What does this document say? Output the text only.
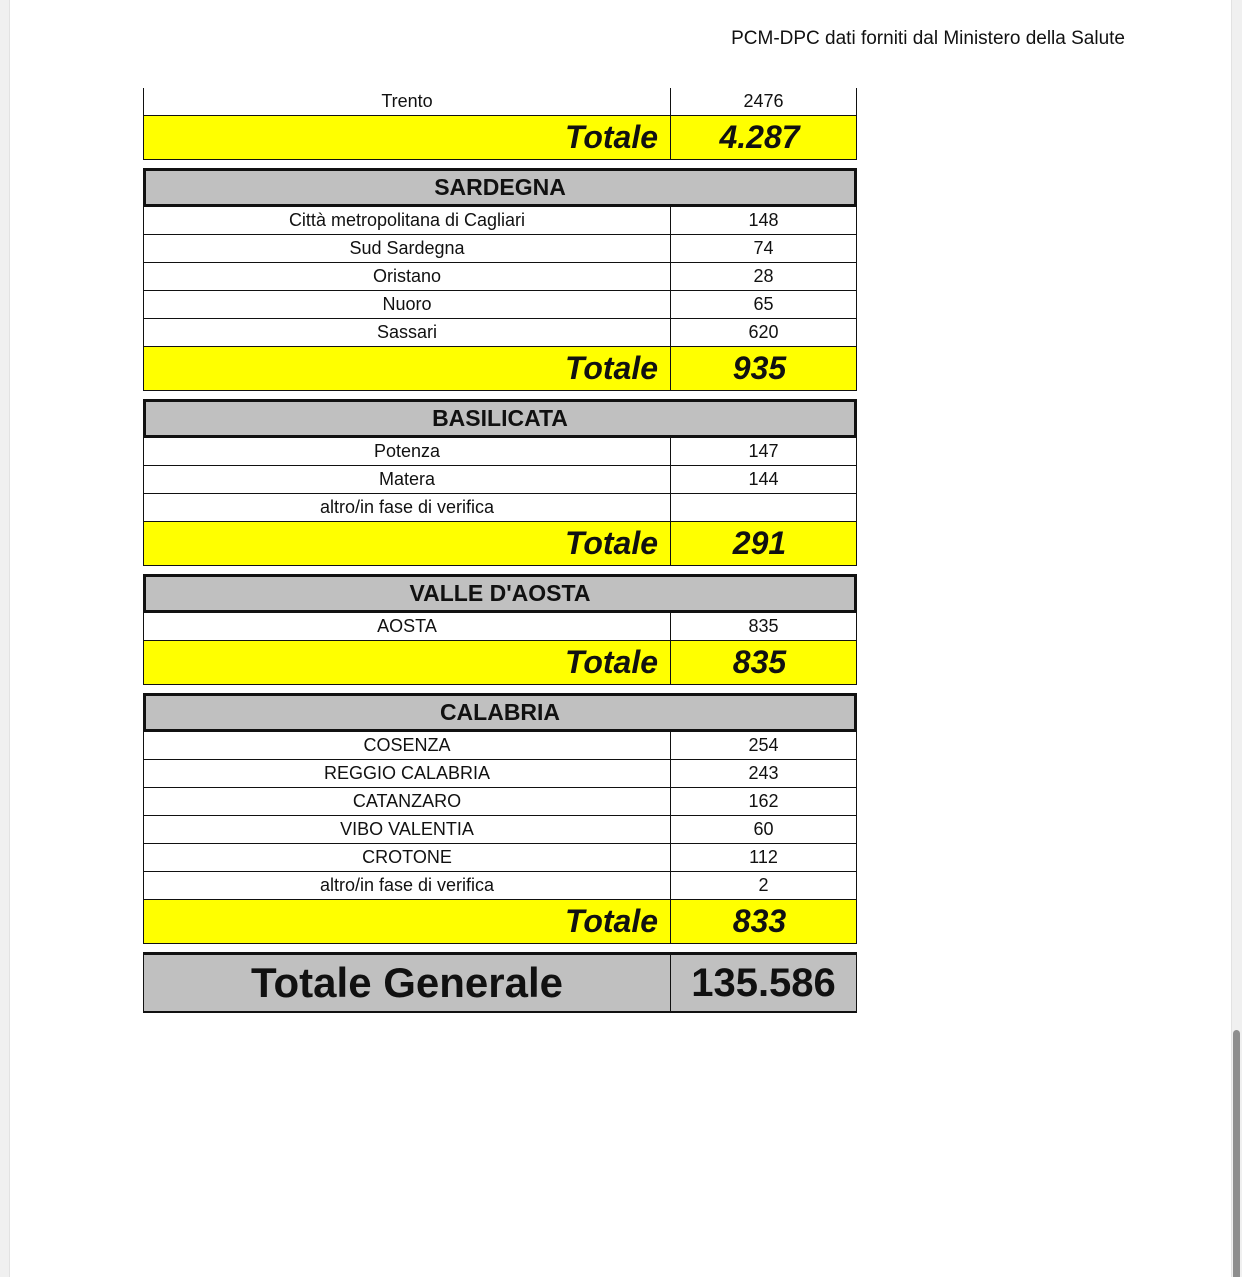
PCM-DPC dati forniti dal Ministero della Salute
Trento	2476
Totale	4.287
SARDEGNA
Città metropolitana di Cagliari	148
Sud Sardegna	74
Oristano	28
Nuoro	65
Sassari	620
Totale	935
BASILICATA
Potenza	147
Matera	144
altro/in fase di verifica
Totale	291
VALLE D'AOSTA
AOSTA	835
Totale	835
CALABRIA
COSENZA	254
REGGIO CALABRIA	243
CATANZARO	162
VIBO VALENTIA	60
CROTONE	112
altro/in fase di verifica	2
Totale	833
Totale Generale	135.586
